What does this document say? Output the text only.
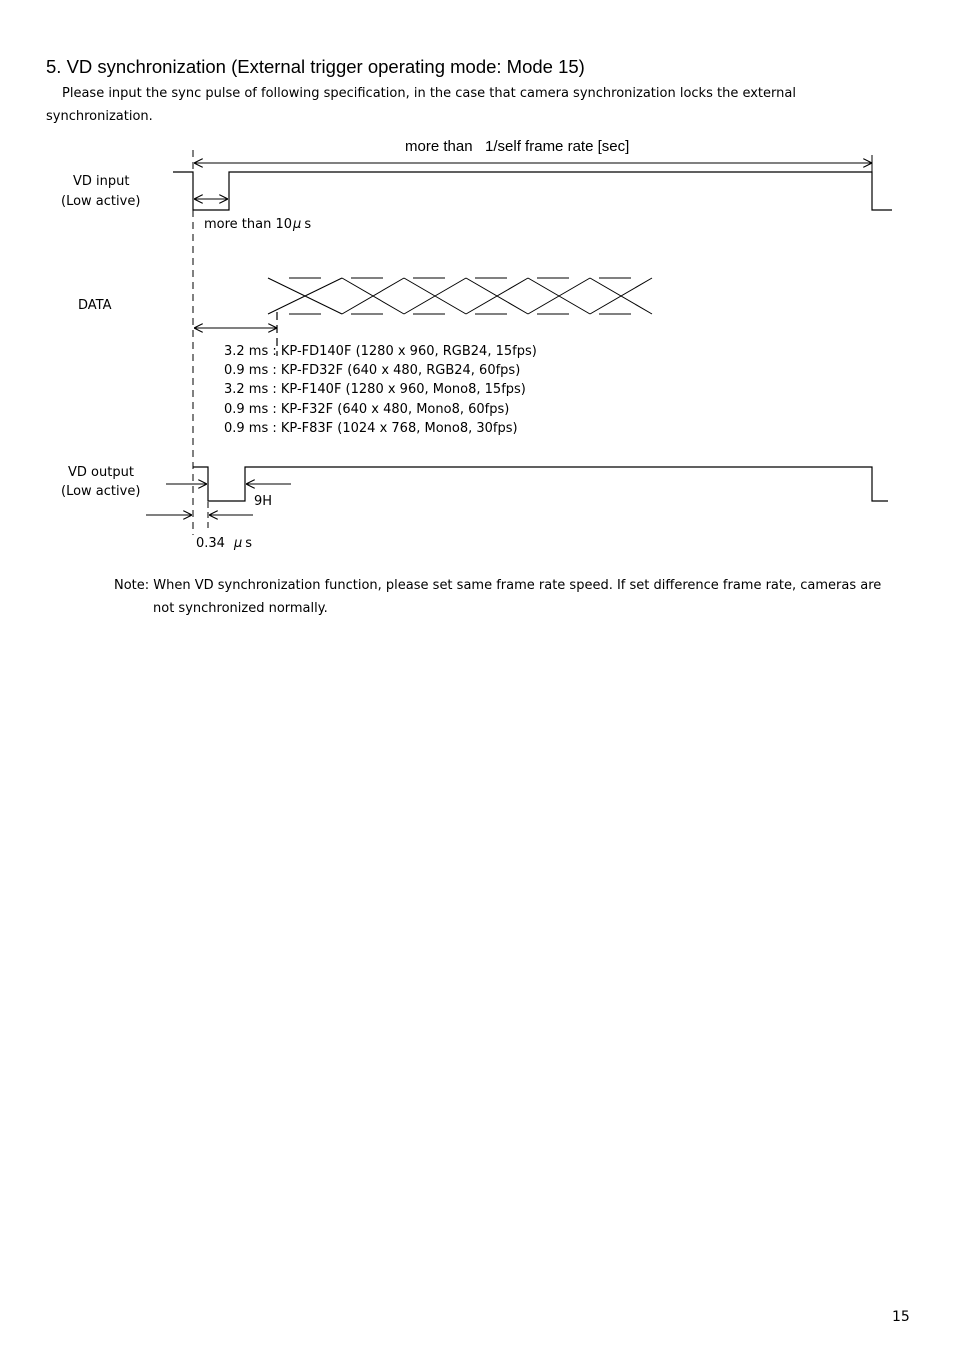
5. VD synchronization (External trigger operating mode: Mode 15)
Please input the sync pulse of following specification, in the case that camera synchronization locks the external
synchronization.
more than   1/self frame rate [sec]
VD input
(Low active)
more than 10μ s
DATA
3.2 ms : KP-FD140F (1280 x 960, RGB24, 15fps)
0.9 ms : KP-FD32F (640 x 480, RGB24, 60fps)
3.2 ms : KP-F140F (1280 x 960, Mono8, 15fps)
0.9 ms : KP-F32F (640 x 480, Mono8, 60fps)
0.9 ms : KP-F83F (1024 x 768, Mono8, 30fps)
VD output
(Low active)
9H
0.34 μ s
Note: When VD synchronization function, please set same frame rate speed. If set difference frame rate, cameras are
not synchronized normally.
15
